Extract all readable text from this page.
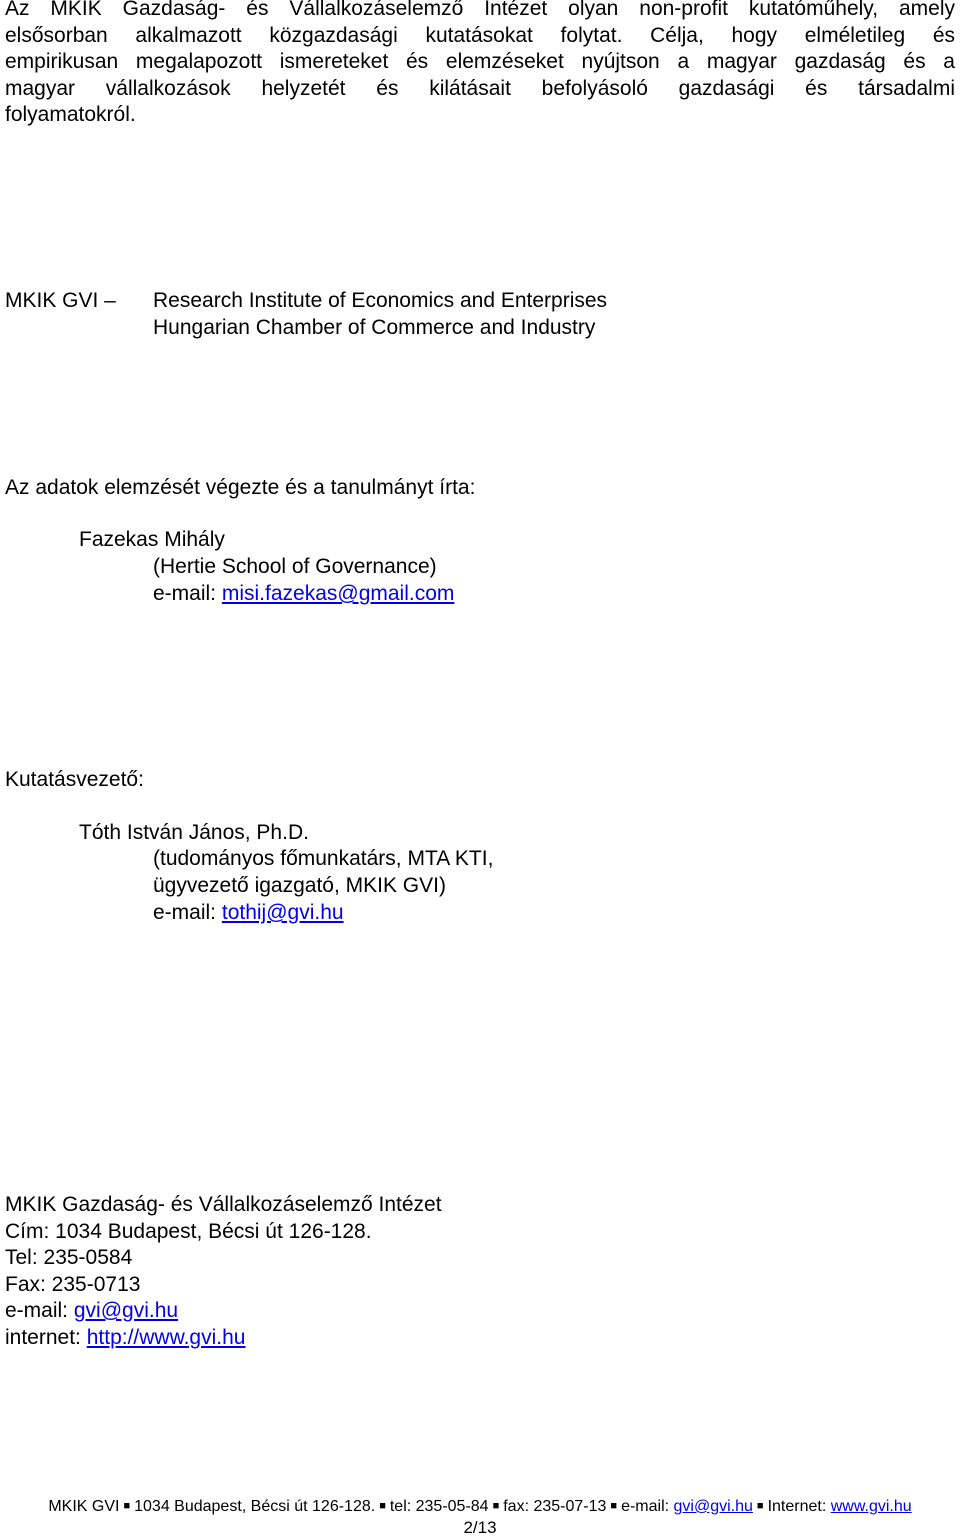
Az MKIK Gazdaság- és Vállalkozáselemző Intézet olyan non-profit kutatóműhely, amely
elsősorban alkalmazott közgazdasági kutatásokat folytat. Célja, hogy elméletileg és
empirikusan megalapozott ismereteket és elemzéseket nyújtson a magyar gazdaság és a
magyar vállalkozások helyzetét és kilátásait befolyásoló gazdasági és társadalmi
folyamatokról.
MKIK GVI – Research Institute of Economics and Enterprises
Hungarian Chamber of Commerce and Industry
Az adatok elemzését végezte és a tanulmányt írta:
Fazekas Mihály
(Hertie School of Governance)
e-mail: misi.fazekas@gmail.com
Kutatásvezető:
Tóth István János, Ph.D.
(tudományos főmunkatárs, MTA KTI,
ügyvezető igazgató, MKIK GVI)
e-mail: tothij@gvi.hu
MKIK Gazdaság- és Vállalkozáselemző Intézet
Cím: 1034 Budapest, Bécsi út 126-128.
Tel: 235-0584
Fax: 235-0713
e-mail: gvi@gvi.hu
internet: http://www.gvi.hu
MKIK GVI ■ 1034 Budapest, Bécsi út 126-128. ■ tel: 235-05-84 ■ fax: 235-07-13 ■ e-mail: gvi@gvi.hu ■ Internet: www.gvi.hu
2/13
